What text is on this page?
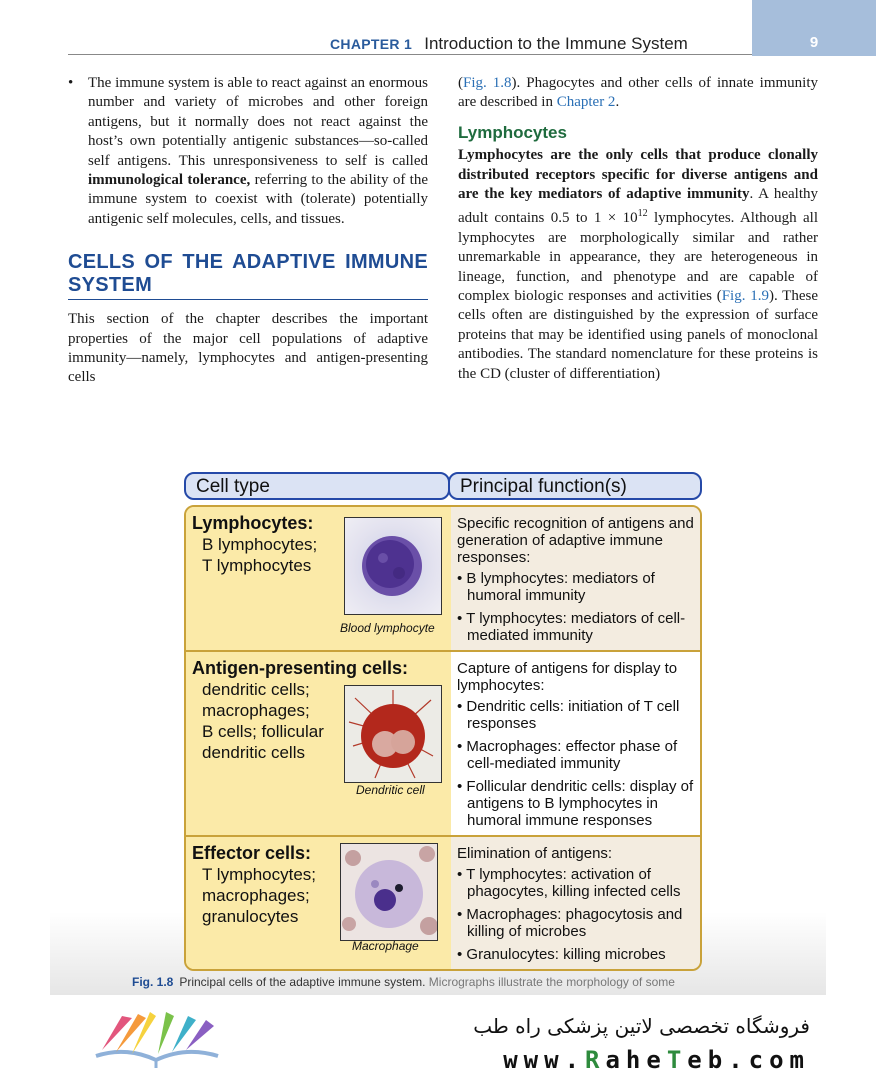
9
CHAPTER 1 Introduction to the Immune System
• The immune system is able to react against an enormous number and variety of microbes and other foreign antigens, but it normally does not react against the host’s own potentially antigenic substances—so-called self antigens. This unresponsiveness to self is called immunological tolerance, referring to the ability of the immune system to coexist with (tolerate) potentially antigenic self molecules, cells, and tissues.

CELLS OF THE ADAPTIVE IMMUNE SYSTEM

This section of the chapter describes the important properties of the major cell populations of adaptive immunity—namely, lymphocytes and antigen-presenting cells

(Fig. 1.8). Phagocytes and other cells of innate immunity are described in Chapter 2.

Lymphocytes

Lymphocytes are the only cells that produce clonally distributed receptors specific for diverse antigens and are the key mediators of adaptive immunity. A healthy adult contains 0.5 to $1 \times 10^{12}$ lymphocytes. Although all lymphocytes are morphologically similar and rather unremarkable in appearance, they are heterogeneous in lineage, function, and phenotype and are capable of complex biologic responses and activities (Fig. 1.9). These cells often are distinguished by the expression of surface proteins that may be identified using panels of monoclonal antibodies. The standard nomenclature for these proteins is the CD (cluster of differentiation)

Cell type	Principal function(s)
Lymphocytes:
B lymphocytes;
T lymphocytes
Blood lymphocyte
Specific recognition of antigens and generation of adaptive immune responses:
• B lymphocytes: mediators of humoral immunity
• T lymphocytes: mediators of cell-mediated immunity
Antigen-presenting cells:
dendritic cells;
macrophages;
B cells; follicular
dendritic cells
Dendritic cell
Capture of antigens for display to lymphocytes:
• Dendritic cells: initiation of T cell responses
• Macrophages: effector phase of cell-mediated immunity
• Follicular dendritic cells: display of antigens to B lymphocytes in humoral immune responses
Effector cells:
T lymphocytes;
macrophages;
granulocytes
Macrophage
Elimination of antigens:
• T lymphocytes: activation of phagocytes, killing infected cells
• Macrophages: phagocytosis and killing of microbes
• Granulocytes: killing microbes
Fig. 1.8 Principal cells of the adaptive immune system. Micrographs illustrate the morphology of some
فروشگاه تخصصی لاتین پزشکی راه طب
www.RaheTeb.com
